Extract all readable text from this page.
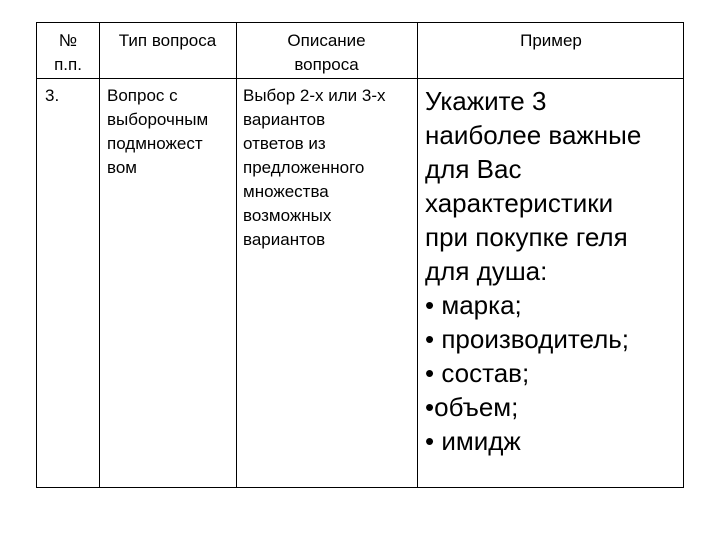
№
п.п.
Тип вопроса	Описание
вопроса
Пример
3.	Вопрос с
выборочным
подмножест
вом
Выбор 2-х или 3-х
вариантов
ответов из
предложенного
множества
возможных
вариантов
Укажите 3
наиболее важные
для Вас
характеристики
при покупке геля
для душа:
• марка;
• производитель;
• состав;
•объем;
• имидж
